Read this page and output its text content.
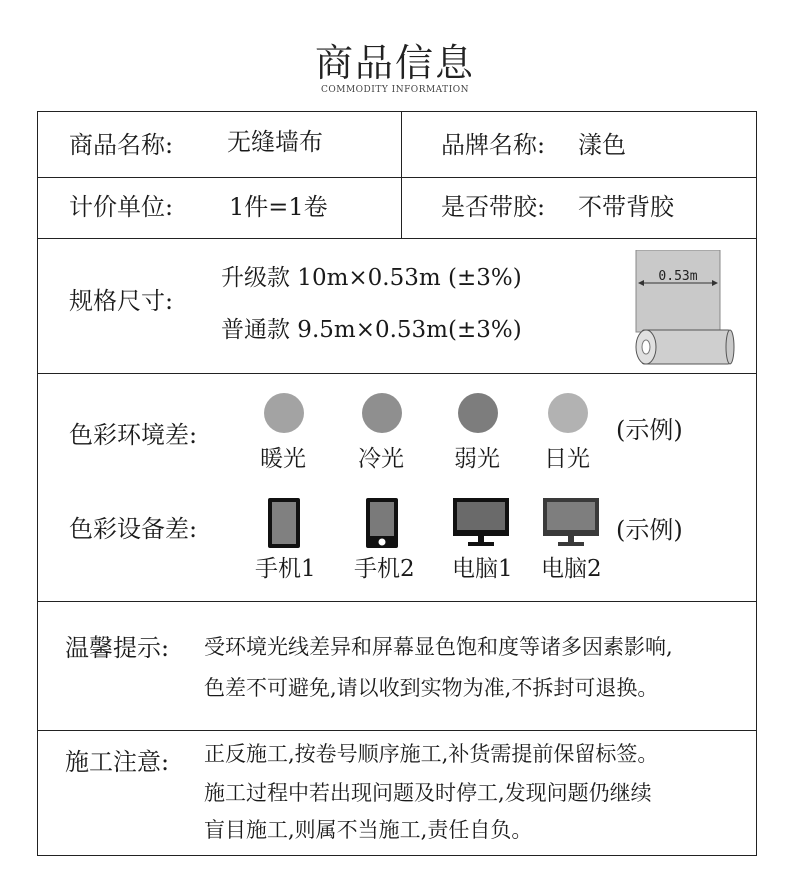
商品信息
COMMODITY INFORMATION
商品名称: 无缝墙布	品牌名称: 漾色
计价单位: 1件=1卷	是否带胶: 不带背胶
规格尺寸:
升级款 10m×0.53m (±3%)
普通款 9.5m×0.53m(±3%)
0.53m
色彩环境差:
暖光 冷光 弱光 日光
(示例)
色彩设备差:
手机1 手机2 电脑1 电脑2
(示例)
温馨提示: 受环境光线差异和屏幕显色饱和度等诸多因素影响,
色差不可避免,请以收到实物为准,不拆封可退换。
施工注意: 正反施工,按卷号顺序施工,补货需提前保留标签。
施工过程中若出现问题及时停工,发现问题仍继续
盲目施工,则属不当施工,责任自负。
